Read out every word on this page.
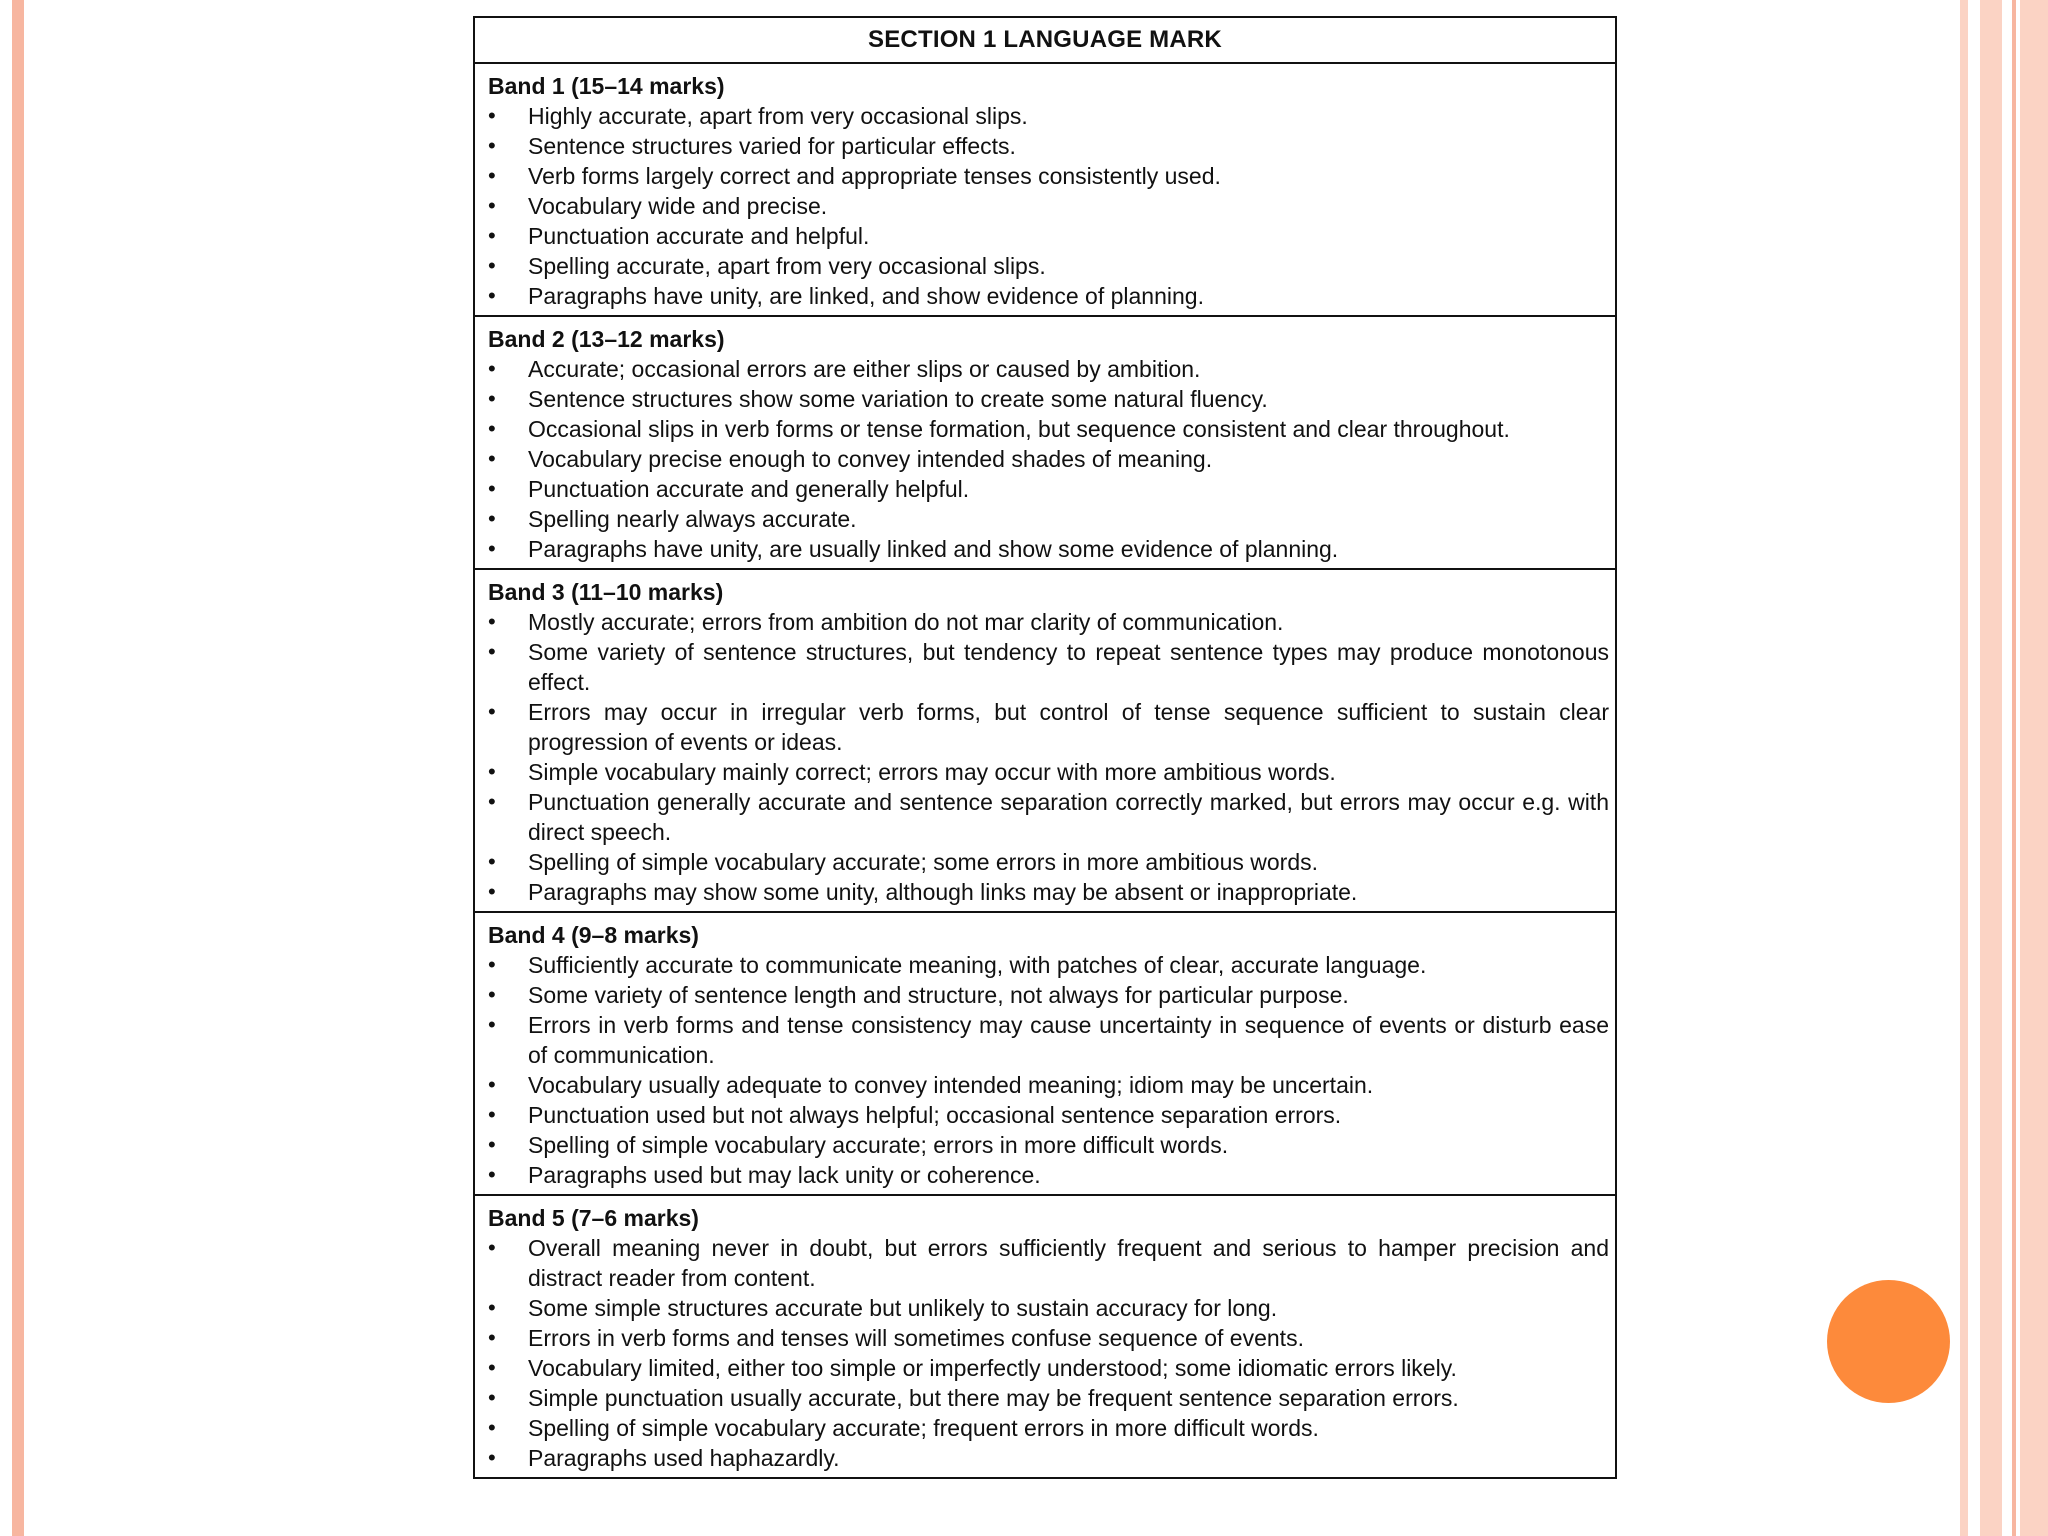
SECTION 1 LANGUAGE MARK
Band 1 (15–14 marks)
• Highly accurate, apart from very occasional slips.
• Sentence structures varied for particular effects.
• Verb forms largely correct and appropriate tenses consistently used.
• Vocabulary wide and precise.
• Punctuation accurate and helpful.
• Spelling accurate, apart from very occasional slips.
• Paragraphs have unity, are linked, and show evidence of planning.
Band 2 (13–12 marks)
• Accurate; occasional errors are either slips or caused by ambition.
• Sentence structures show some variation to create some natural fluency.
• Occasional slips in verb forms or tense formation, but sequence consistent and clear throughout.
• Vocabulary precise enough to convey intended shades of meaning.
• Punctuation accurate and generally helpful.
• Spelling nearly always accurate.
• Paragraphs have unity, are usually linked and show some evidence of planning.
Band 3 (11–10 marks)
• Mostly accurate; errors from ambition do not mar clarity of communication.
• Some variety of sentence structures, but tendency to repeat sentence types may produce monotonous effect.
• Errors may occur in irregular verb forms, but control of tense sequence sufficient to sustain clear progression of events or ideas.
• Simple vocabulary mainly correct; errors may occur with more ambitious words.
• Punctuation generally accurate and sentence separation correctly marked, but errors may occur e.g. with direct speech.
• Spelling of simple vocabulary accurate; some errors in more ambitious words.
• Paragraphs may show some unity, although links may be absent or inappropriate.
Band 4 (9–8 marks)
• Sufficiently accurate to communicate meaning, with patches of clear, accurate language.
• Some variety of sentence length and structure, not always for particular purpose.
• Errors in verb forms and tense consistency may cause uncertainty in sequence of events or disturb ease of communication.
• Vocabulary usually adequate to convey intended meaning; idiom may be uncertain.
• Punctuation used but not always helpful; occasional sentence separation errors.
• Spelling of simple vocabulary accurate; errors in more difficult words.
• Paragraphs used but may lack unity or coherence.
Band 5 (7–6 marks)
• Overall meaning never in doubt, but errors sufficiently frequent and serious to hamper precision and distract reader from content.
• Some simple structures accurate but unlikely to sustain accuracy for long.
• Errors in verb forms and tenses will sometimes confuse sequence of events.
• Vocabulary limited, either too simple or imperfectly understood; some idiomatic errors likely.
• Simple punctuation usually accurate, but there may be frequent sentence separation errors.
• Spelling of simple vocabulary accurate; frequent errors in more difficult words.
• Paragraphs used haphazardly.
